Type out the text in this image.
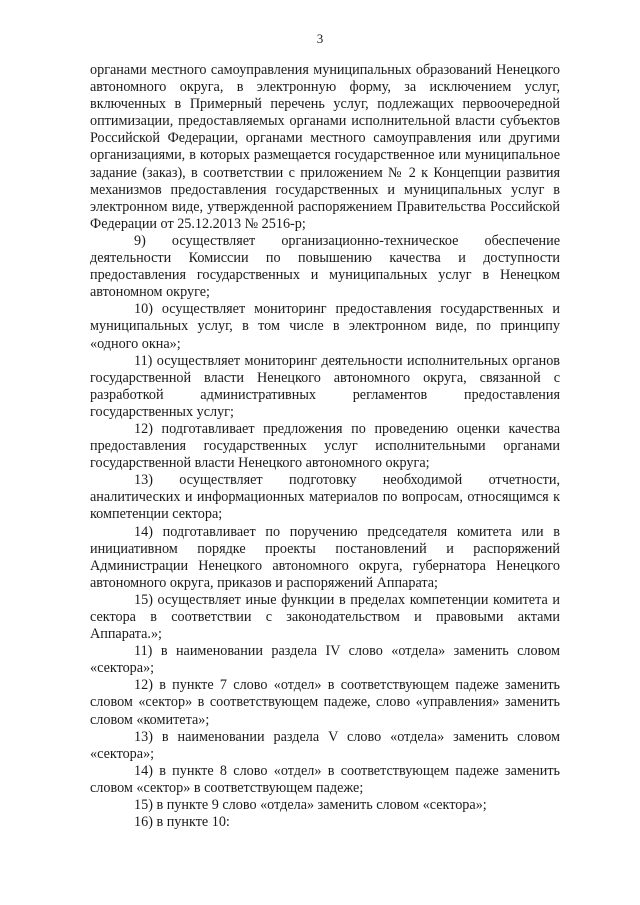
3

органами местного самоуправления муниципальных образований Ненецкого автономного округа, в электронную форму, за исключением услуг, включенных в Примерный перечень услуг, подлежащих первоочередной оптимизации, предоставляемых органами исполнительной власти субъектов Российской Федерации, органами местного самоуправления или другими организациями, в которых размещается государственное или муниципальное задание (заказ), в соответствии с приложением № 2 к Концепции развития механизмов предоставления государственных и муниципальных услуг в электронном виде, утвержденной распоряжением Правительства Российской Федерации от 25.12.2013 № 2516-р;

9) осуществляет организационно-техническое обеспечение деятельности Комиссии по повышению качества и доступности предоставления государственных и муниципальных услуг в Ненецком автономном округе;

10) осуществляет мониторинг предоставления государственных и муниципальных услуг, в том числе в электронном виде, по принципу «одного окна»;

11) осуществляет мониторинг деятельности исполнительных органов государственной власти Ненецкого автономного округа, связанной с разработкой административных регламентов предоставления государственных услуг;

12) подготавливает предложения по проведению оценки качества предоставления государственных услуг исполнительными органами государственной власти Ненецкого автономного округа;

13) осуществляет подготовку необходимой отчетности, аналитических и информационных материалов по вопросам, относящимся к компетенции сектора;

14) подготавливает по поручению председателя комитета или в инициативном порядке проекты постановлений и распоряжений Администрации Ненецкого автономного округа, губернатора Ненецкого автономного округа, приказов и распоряжений Аппарата;

15) осуществляет иные функции в пределах компетенции комитета и сектора в соответствии с законодательством и правовыми актами Аппарата.»;

11) в наименовании раздела IV слово «отдела» заменить словом «сектора»;

12) в пункте 7 слово «отдел» в соответствующем падеже заменить словом «сектор» в соответствующем падеже, слово «управления» заменить словом «комитета»;

13) в наименовании раздела V слово «отдела» заменить словом «сектора»;

14) в пункте 8 слово «отдел» в соответствующем падеже заменить словом «сектор» в соответствующем падеже;

15) в пункте 9 слово «отдела» заменить словом «сектора»;

16) в пункте 10:
